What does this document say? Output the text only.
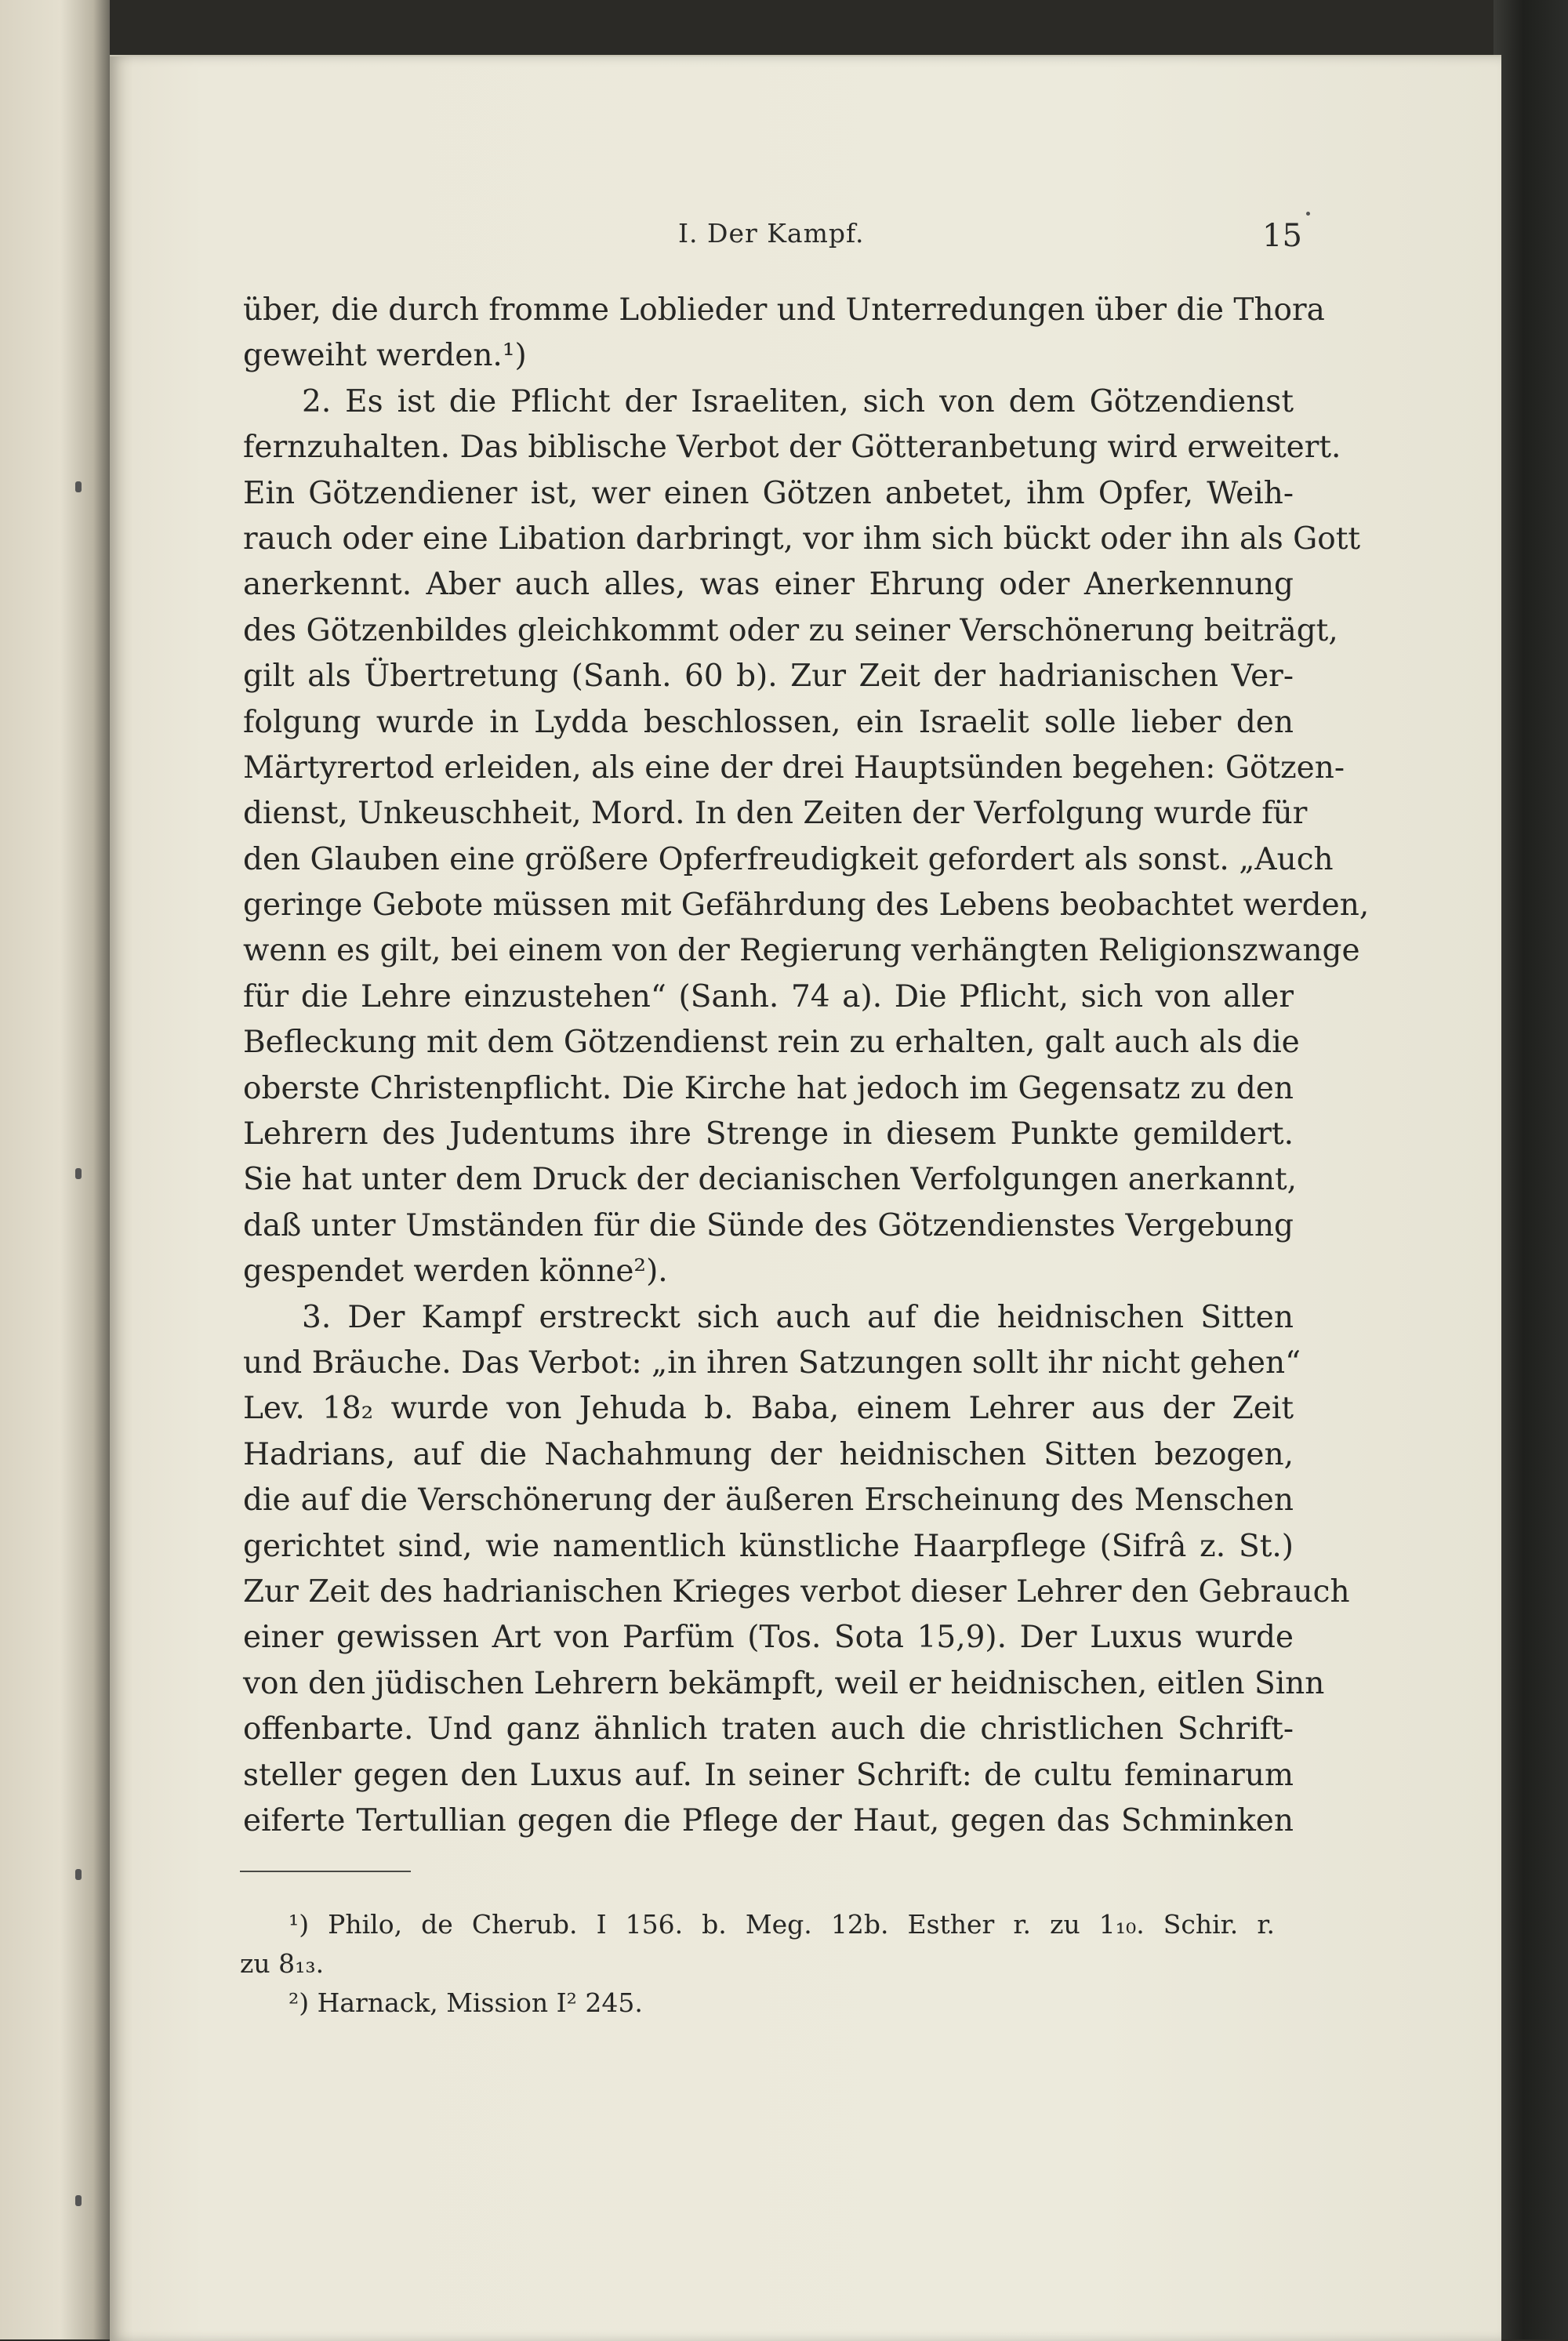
I. Der Kampf.	15
über, die durch fromme Loblieder und Unterredungen über die Thora
geweiht werden.¹)
2. Es ist die Pflicht der Israeliten, sich von dem Götzendienst
fernzuhalten. Das biblische Verbot der Götteranbetung wird erweitert.
Ein Götzendiener ist, wer einen Götzen anbetet, ihm Opfer, Weih-
rauch oder eine Libation darbringt, vor ihm sich bückt oder ihn als Gott
anerkennt. Aber auch alles, was einer Ehrung oder Anerkennung
des Götzenbildes gleichkommt oder zu seiner Verschönerung beiträgt,
gilt als Übertretung (Sanh. 60 b). Zur Zeit der hadrianischen Ver-
folgung wurde in Lydda beschlossen, ein Israelit solle lieber den
Märtyrertod erleiden, als eine der drei Hauptsünden begehen: Götzen-
dienst, Unkeuschheit, Mord. In den Zeiten der Verfolgung wurde für
den Glauben eine größere Opferfreudigkeit gefordert als sonst. „Auch
geringe Gebote müssen mit Gefährdung des Lebens beobachtet werden,
wenn es gilt, bei einem von der Regierung verhängten Religionszwange
für die Lehre einzustehen“ (Sanh. 74 a). Die Pflicht, sich von aller
Befleckung mit dem Götzendienst rein zu erhalten, galt auch als die
oberste Christenpflicht. Die Kirche hat jedoch im Gegensatz zu den
Lehrern des Judentums ihre Strenge in diesem Punkte gemildert.
Sie hat unter dem Druck der decianischen Verfolgungen anerkannt,
daß unter Umständen für die Sünde des Götzendienstes Vergebung
gespendet werden könne²).
3. Der Kampf erstreckt sich auch auf die heidnischen Sitten
und Bräuche. Das Verbot: „in ihren Satzungen sollt ihr nicht gehen“
Lev. 18₂ wurde von Jehuda b. Baba, einem Lehrer aus der Zeit
Hadrians, auf die Nachahmung der heidnischen Sitten bezogen,
die auf die Verschönerung der äußeren Erscheinung des Menschen
gerichtet sind, wie namentlich künstliche Haarpflege (Sifrâ z. St.)
Zur Zeit des hadrianischen Krieges verbot dieser Lehrer den Gebrauch
einer gewissen Art von Parfüm (Tos. Sota 15,9). Der Luxus wurde
von den jüdischen Lehrern bekämpft, weil er heidnischen, eitlen Sinn
offenbarte. Und ganz ähnlich traten auch die christlichen Schrift-
steller gegen den Luxus auf. In seiner Schrift: de cultu feminarum
eiferte Tertullian gegen die Pflege der Haut, gegen das Schminken
¹) Philo, de Cherub. I 156. b. Meg. 12b. Esther r. zu 1₁₀. Schir. r.
zu 8₁₃.
²) Harnack, Mission I² 245.
